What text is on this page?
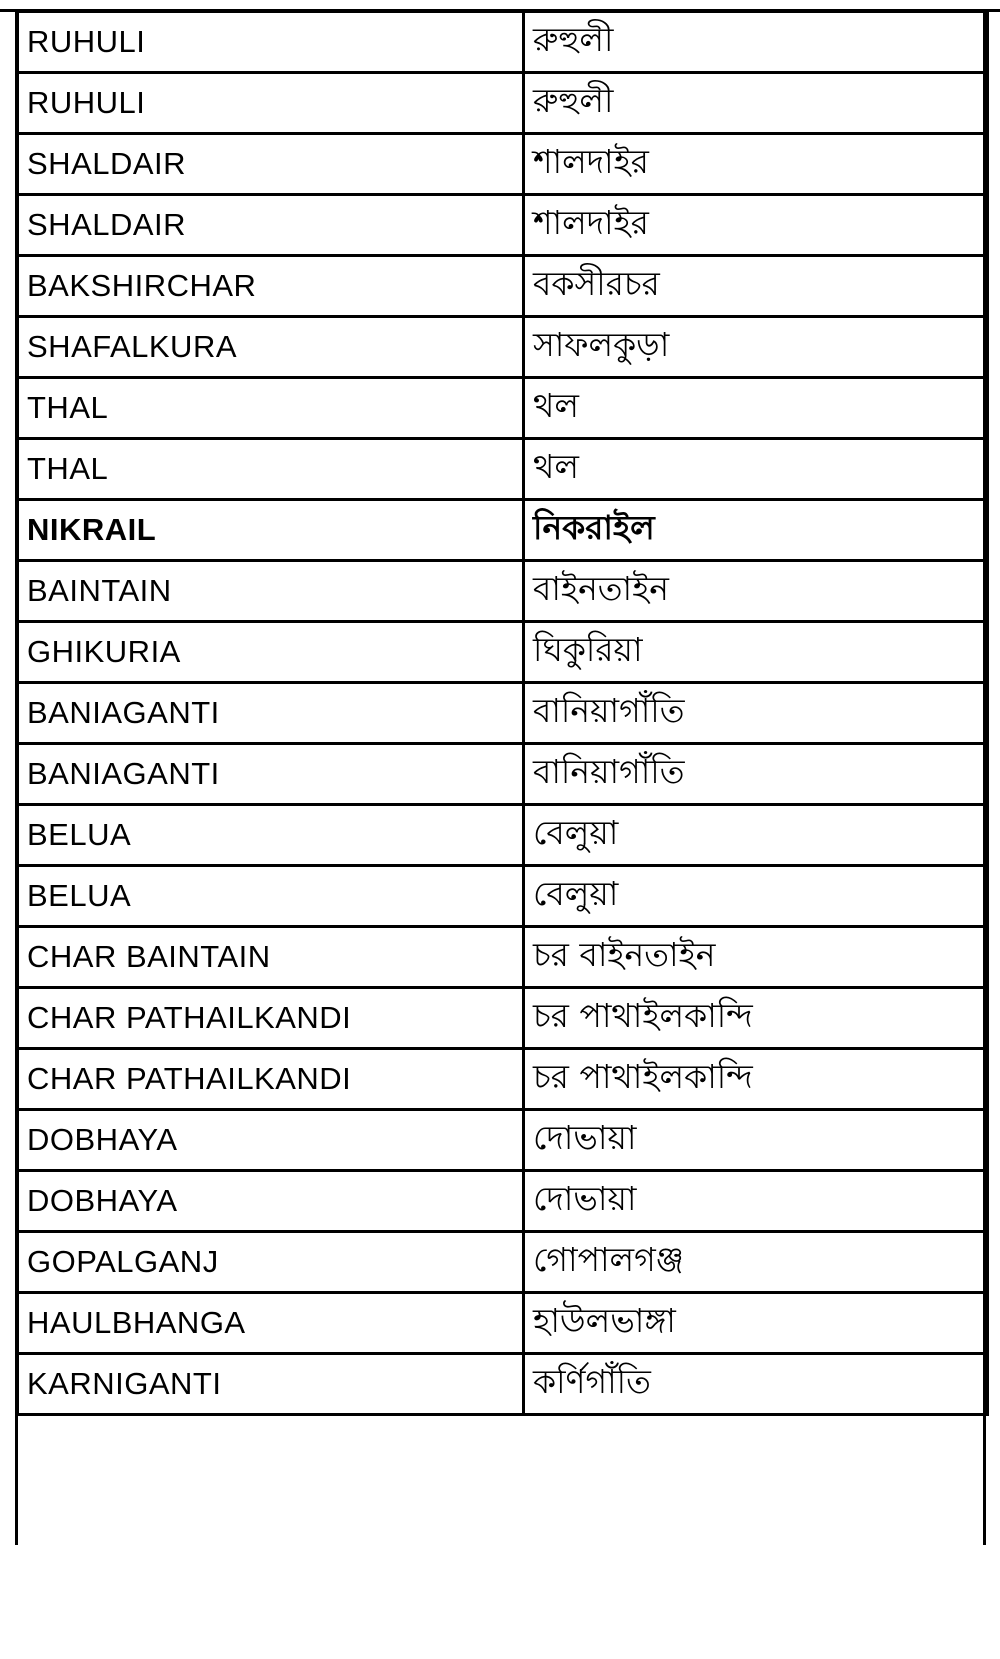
RUHULI	রুহুলী
RUHULI	রুহুলী
SHALDAIR	শালদাইর
SHALDAIR	শালদাইর
BAKSHIRCHAR	বকসীরচর
SHAFALKURA	সাফলকুড়া
THAL	থল
THAL	থল
NIKRAIL	নিকরাইল
BAINTAIN	বাইনতাইন
GHIKURIA	ঘিকুরিয়া
BANIAGANTI	বানিয়াগাঁতি
BANIAGANTI	বানিয়াগাঁতি
BELUA	বেলুয়া
BELUA	বেলুয়া
CHAR BAINTAIN	চর বাইনতাইন
CHAR PATHAILKANDI	চর পাথাইলকান্দি
CHAR PATHAILKANDI	চর পাথাইলকান্দি
DOBHAYA	দোভায়া
DOBHAYA	দোভায়া
GOPALGANJ	গোপালগঞ্জ
HAULBHANGA	হাউলভাঙ্গা
KARNIGANTI	কর্ণিগাঁতি
